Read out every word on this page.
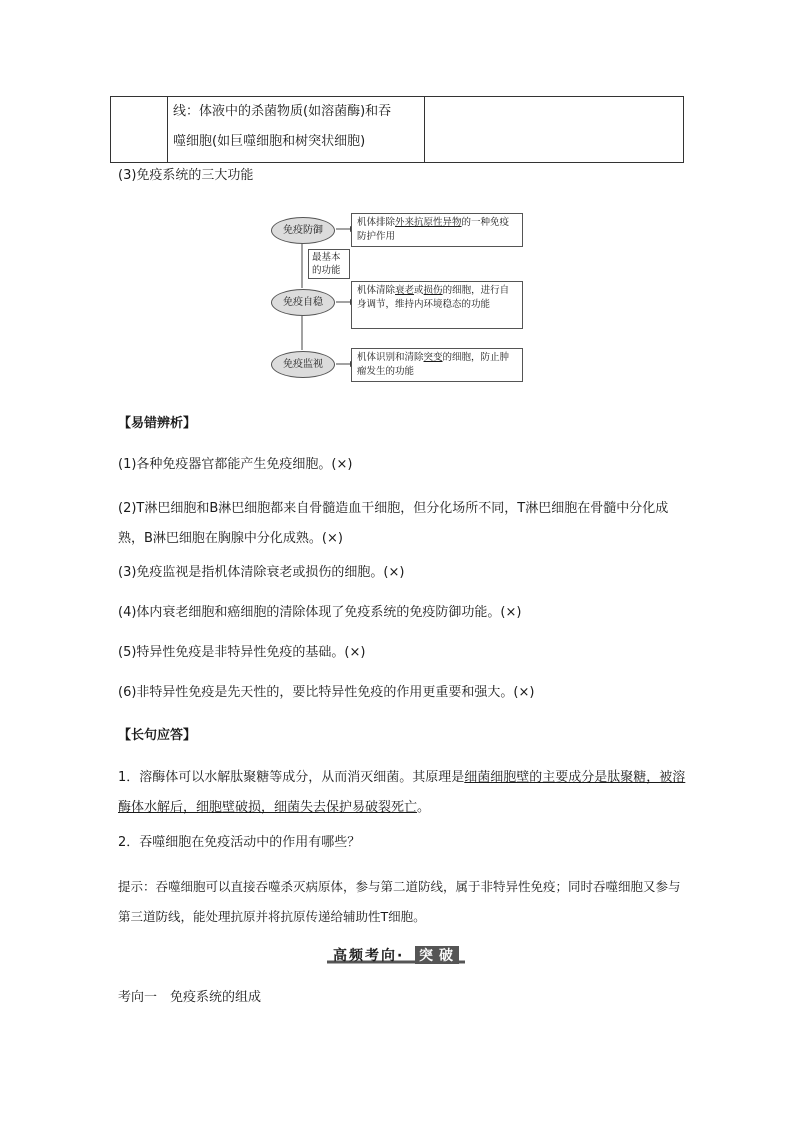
线：体液中的杀菌物质(如溶菌酶)和吞
噬细胞(如巨噬细胞和树突状细胞)
(3)免疫系统的三大功能
免疫防御
免疫自稳
免疫监视
机体排除外来抗原性异物的一种免疫防护作用
最基本的功能
机体清除衰老或损伤的细胞，进行自身调节，维持内环境稳态的功能
机体识别和清除突变的细胞，防止肿瘤发生的功能
【易错辨析】
(1)各种免疫器官都能产生免疫细胞。(×)
(2)T淋巴细胞和B淋巴细胞都来自骨髓造血干细胞，但分化场所不同，T淋巴细胞在骨髓中分化成熟，B淋巴细胞在胸腺中分化成熟。(×)
(3)免疫监视是指机体清除衰老或损伤的细胞。(×)
(4)体内衰老细胞和癌细胞的清除体现了免疫系统的免疫防御功能。(×)
(5)特异性免疫是非特异性免疫的基础。(×)
(6)非特异性免疫是先天性的，要比特异性免疫的作用更重要和强大。(×)
【长句应答】
1．溶酶体可以水解肽聚糖等成分，从而消灭细菌。其原理是细菌细胞壁的主要成分是肽聚糖，被溶酶体水解后，细胞壁破损，细菌失去保护易破裂死亡。
2．吞噬细胞在免疫活动中的作用有哪些？
提示：吞噬细胞可以直接吞噬杀灭病原体，参与第二道防线，属于非特异性免疫；同时吞噬细胞又参与第三道防线，能处理抗原并将抗原传递给辅助性T细胞。
高频考向· 突 破
考向一　免疫系统的组成
